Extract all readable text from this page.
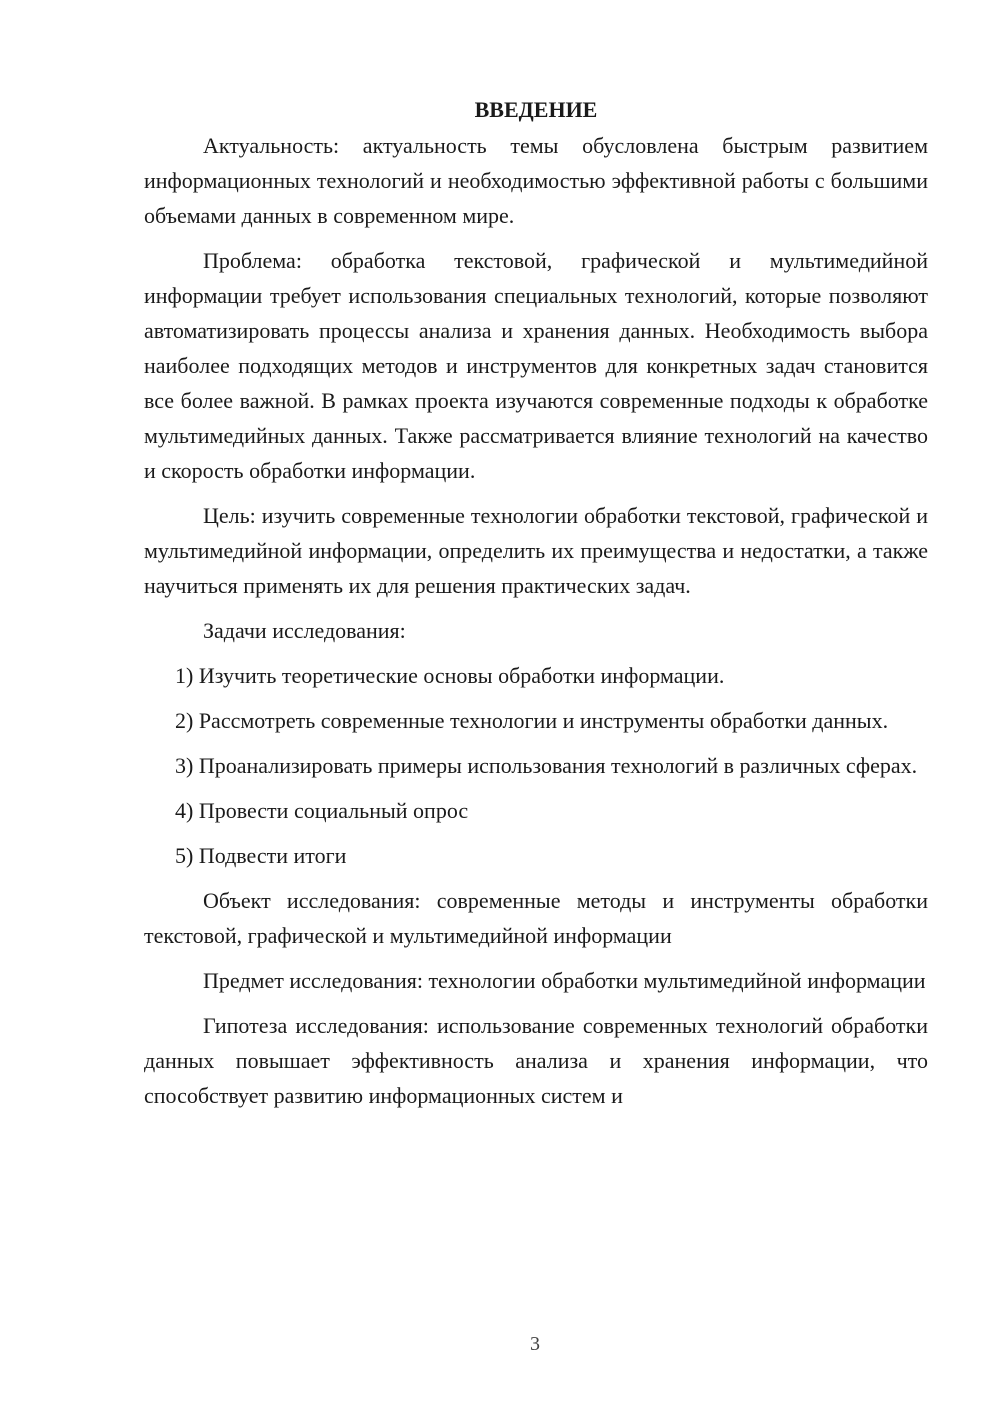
ВВЕДЕНИЕ

Актуальность: актуальность темы обусловлена быстрым развитием информационных технологий и необходимостью эффективной работы с большими объемами данных в современном мире.

Проблема: обработка текстовой, графической и мультимедийной информации требует использования специальных технологий, которые позволяют автоматизировать процессы анализа и хранения данных. Необходимость выбора наиболее подходящих методов и инструментов для конкретных задач становится все более важной. В рамках проекта изучаются современные подходы к обработке мультимедийных данных. Также рассматривается влияние технологий на качество и скорость обработки информации.

Цель: изучить современные технологии обработки текстовой, графической и мультимедийной информации, определить их преимущества и недостатки, а также научиться применять их для решения практических задач.

Задачи исследования:

1) Изучить теоретические основы обработки информации.

2) Рассмотреть современные технологии и инструменты обработки данных.

3) Проанализировать примеры использования технологий в различных сферах.

4) Провести социальный опрос

5) Подвести итоги

Объект исследования: современные методы и инструменты обработки текстовой, графической и мультимедийной информации

Предмет исследования: технологии обработки мультимедийной информации

Гипотеза исследования: использование современных технологий обработки данных повышает эффективность анализа и хранения информации, что способствует развитию информационных систем и

3
